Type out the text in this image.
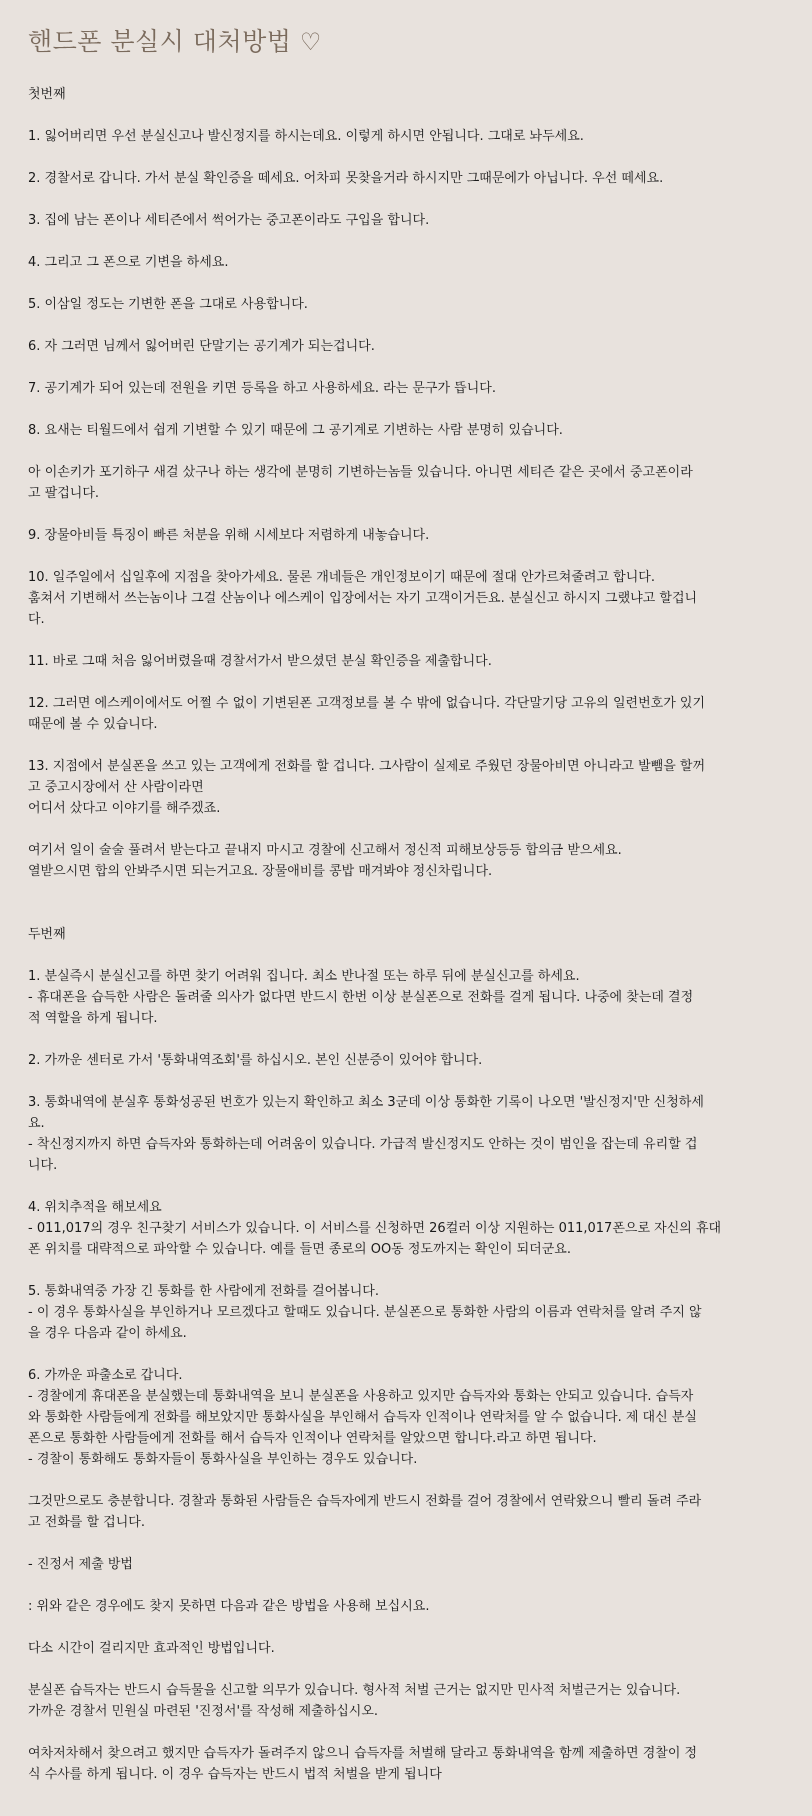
핸드폰 분실시 대처방법 ♡

첫번째

1. 잃어버리면 우선 분실신고나 발신정지를 하시는데요. 이렇게 하시면 안됩니다. 그대로 놔두세요.

2. 경찰서로 갑니다. 가서 분실 확인증을 떼세요. 어차피 못찾을거라 하시지만 그때문에가 아닙니다. 우선 떼세요.

3. 집에 남는 폰이나 세티즌에서 썩어가는 중고폰이라도 구입을 합니다.

4. 그리고 그 폰으로 기변을 하세요.

5. 이삼일 정도는 기변한 폰을 그대로 사용합니다.

6. 자 그러면 님께서 잃어버린 단말기는 공기계가 되는겁니다.

7. 공기계가 되어 있는데 전원을 키면 등록을 하고 사용하세요. 라는 문구가 뜹니다.

8. 요새는 티월드에서 쉽게 기변할 수 있기 때문에 그 공기계로 기변하는 사람 분명히 있습니다.

아 이손키가 포기하구 새걸 샀구나 하는 생각에 분명히 기변하는놈들 있습니다. 아니면 세티즌 같은 곳에서 중고폰이라
고 팔겁니다.

9. 장물아비들 특징이 빠른 처분을 위해 시세보다 저렴하게 내놓습니다.

10. 일주일에서 십일후에 지점을 찾아가세요. 물론 개네들은 개인정보이기 때문에 절대 안가르쳐줄려고 합니다.
훔쳐서 기변해서 쓰는놈이나 그걸 산놈이나 에스케이 입장에서는 자기 고객이거든요. 분실신고 하시지 그랬냐고 할겁니
다.

11. 바로 그때 처음 잃어버렸을때 경찰서가서 받으셨던 분실 확인증을 제출합니다.

12. 그러면 에스케이에서도 어쩔 수 없이 기변된폰 고객정보를 볼 수 밖에 없습니다. 각단말기당 고유의 일련번호가 있기
때문에 볼 수 있습니다.

13. 지점에서 분실폰을 쓰고 있는 고객에게 전화를 할 겁니다. 그사람이 실제로 주웠던 장물아비면 아니라고 발뺌을 할꺼
고 중고시장에서 산 사람이라면
어디서 샀다고 이야기를 해주겠죠.

여기서 일이 술술 풀려서 받는다고 끝내지 마시고 경찰에 신고해서 정신적 피해보상등등 합의금 받으세요.
열받으시면 합의 안봐주시면 되는거고요. 장물애비를 콩밥 매겨봐야 정신차립니다.

두번째

1. 분실즉시 분실신고를 하면 찾기 어려워 집니다. 최소 반나절 또는 하루 뒤에 분실신고를 하세요.
- 휴대폰을 습득한 사람은 돌려줄 의사가 없다면 반드시 한번 이상 분실폰으로 전화를 걸게 됩니다. 나중에 찾는데 결정
적 역할을 하게 됩니다.

2. 가까운 센터로 가서 '통화내역조회'를 하십시오. 본인 신분증이 있어야 합니다.

3. 통화내역에 분실후 통화성공된 번호가 있는지 확인하고 최소 3군데 이상 통화한 기록이 나오면 '발신정지'만 신청하세
요.
- 착신정지까지 하면 습득자와 통화하는데 어려움이 있습니다. 가급적 발신정지도 안하는 것이 범인을 잡는데 유리할 겁
니다.

4. 위치추적을 해보세요
- 011,017의 경우 친구찾기 서비스가 있습니다. 이 서비스를 신청하면 26컬러 이상 지원하는 011,017폰으로 자신의 휴대
폰 위치를 대략적으로 파악할 수 있습니다. 예를 들면 종로의 OO동 정도까지는 확인이 되더군요.

5. 통화내역중 가장 긴 통화를 한 사람에게 전화를 걸어봅니다.
- 이 경우 통화사실을 부인하거나 모르겠다고 할때도 있습니다. 분실폰으로 통화한 사람의 이름과 연락처를 알려 주지 않
을 경우 다음과 같이 하세요.

6. 가까운 파출소로 갑니다.
- 경찰에게 휴대폰을 분실했는데 통화내역을 보니 분실폰을 사용하고 있지만 습득자와 통화는 안되고 있습니다. 습득자
와 통화한 사람들에게 전화를 해보았지만 통화사실을 부인해서 습득자 인적이나 연락처를 알 수 없습니다. 제 대신 분실
폰으로 통화한 사람들에게 전화를 해서 습득자 인적이나 연락처를 알았으면 합니다.라고 하면 됩니다.
- 경찰이 통화해도 통화자들이 통화사실을 부인하는 경우도 있습니다.

그것만으로도 충분합니다. 경찰과 통화된 사람들은 습득자에게 반드시 전화를 걸어 경찰에서 연락왔으니 빨리 돌려 주라
고 전화를 할 겁니다.

- 진정서 제출 방법

: 위와 같은 경우에도 찾지 못하면 다음과 같은 방법을 사용해 보십시요.

다소 시간이 걸리지만 효과적인 방법입니다.

분실폰 습득자는 반드시 습득물을 신고할 의무가 있습니다. 형사적 처벌 근거는 없지만 민사적 처벌근거는 있습니다.
가까운 경찰서 민원실 마련된 '진정서'를 작성해 제출하십시오.

여차저차해서 찾으려고 했지만 습득자가 돌려주지 않으니 습득자를 처벌해 달라고 통화내역을 함께 제출하면 경찰이 정
식 수사를 하게 됩니다. 이 경우 습득자는 반드시 법적 처벌을 받게 됩니다
